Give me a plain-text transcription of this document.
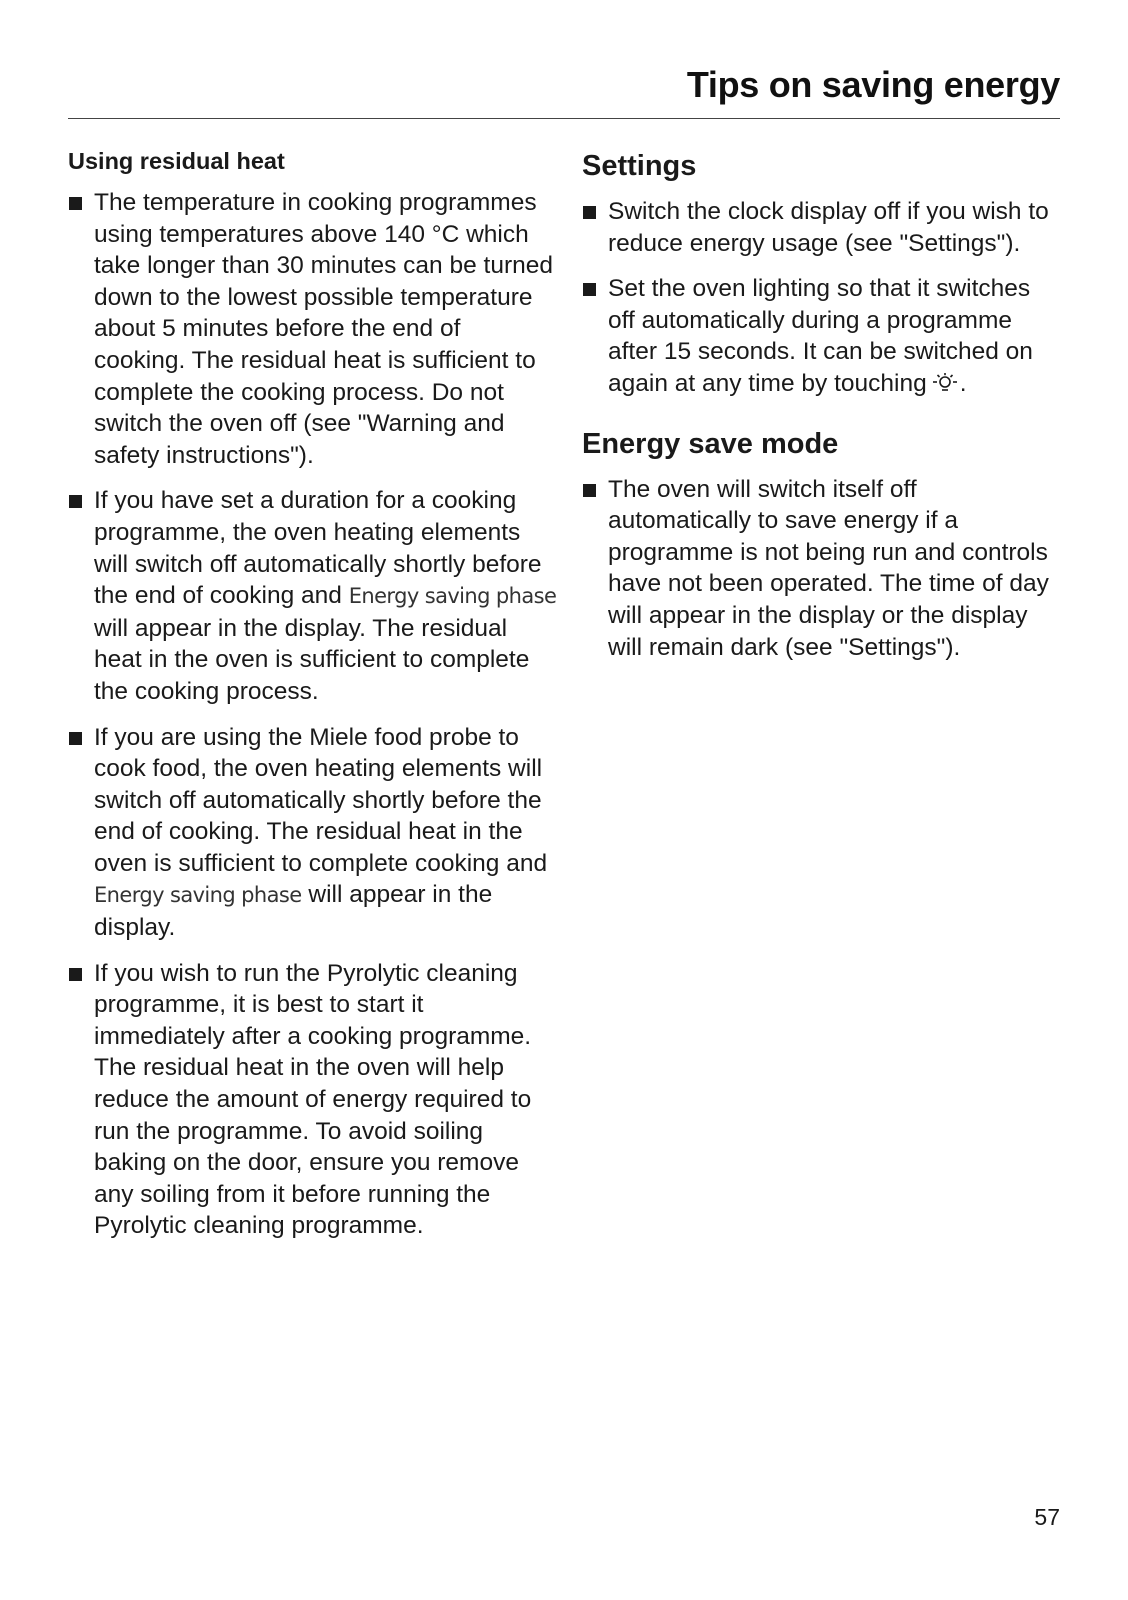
Tips on saving energy
Using residual heat
The temperature in cooking programmes using temperatures above 140 °C which take longer than 30 minutes can be turned down to the lowest possible temperature about 5 minutes before the end of cooking. The residual heat is sufficient to complete the cooking process. Do not switch the oven off (see "Warning and safety instructions").
If you have set a duration for a cooking programme, the oven heating elements will switch off automatically shortly before the end of cooking and Energy saving phase will appear in the display. The residual heat in the oven is sufficient to complete the cooking process.
If you are using the Miele food probe to cook food, the oven heating elements will switch off automatically shortly before the end of cooking. The residual heat in the oven is sufficient to complete cooking and Energy saving phase will appear in the display.
If you wish to run the Pyrolytic cleaning programme, it is best to start it immediately after a cooking programme. The residual heat in the oven will help reduce the amount of energy required to run the programme. To avoid soiling baking on the door, ensure you remove any soiling from it before running the Pyrolytic cleaning programme.
Settings
Switch the clock display off if you wish to reduce energy usage (see "Settings").
Set the oven lighting so that it switches off automatically during a programme after 15 seconds. It can be switched on again at any time by touching .
Energy save mode
The oven will switch itself off automatically to save energy if a programme is not being run and controls have not been operated. The time of day will appear in the display or the display will remain dark (see "Settings").
57
